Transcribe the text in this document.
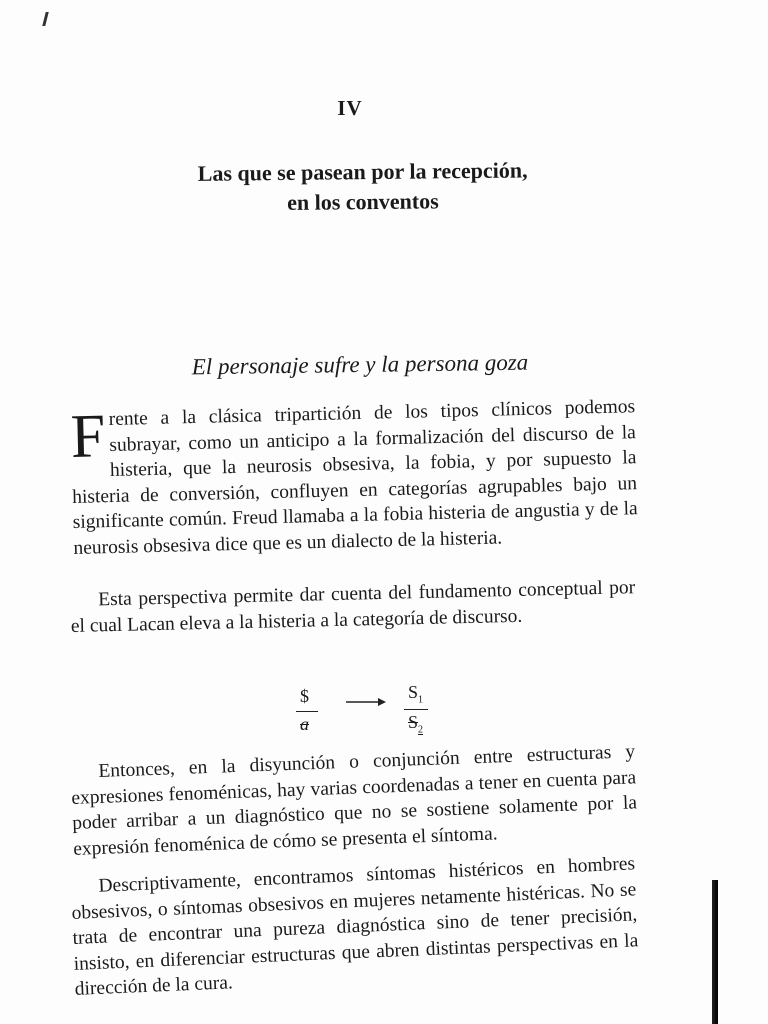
IV
Las que se pasean por la recepción,
en los conventos
El personaje sufre y la persona goza

Frente a la clásica tripartición de los tipos clínicos podemos subrayar, como un anticipo a la formalización del discurso de la histeria, que la neurosis obsesiva, la fobia, y por supuesto la histeria de conversión, confluyen en categorías agrupables bajo un significante común. Freud llamaba a la fobia histeria de angustia y de la neurosis obsesiva dice que es un dialecto de la histeria.

Esta perspectiva permite dar cuenta del fundamento conceptual por el cual Lacan eleva a la histeria a la categoría de discurso.

$
a
$S_1$
$S_2$

Entonces, en la disyunción o conjunción entre estructuras y expresiones fenoménicas, hay varias coordenadas a tener en cuenta para poder arribar a un diagnóstico que no se sostiene solamente por la expresión fenoménica de cómo se presenta el síntoma.

Descriptivamente, encontramos síntomas histéricos en hombres obsesivos, o síntomas obsesivos en mujeres netamente histéricas. No se trata de encontrar una pureza diagnóstica sino de tener precisión, insisto, en diferenciar estructuras que abren distintas perspectivas en la dirección de la cura.
